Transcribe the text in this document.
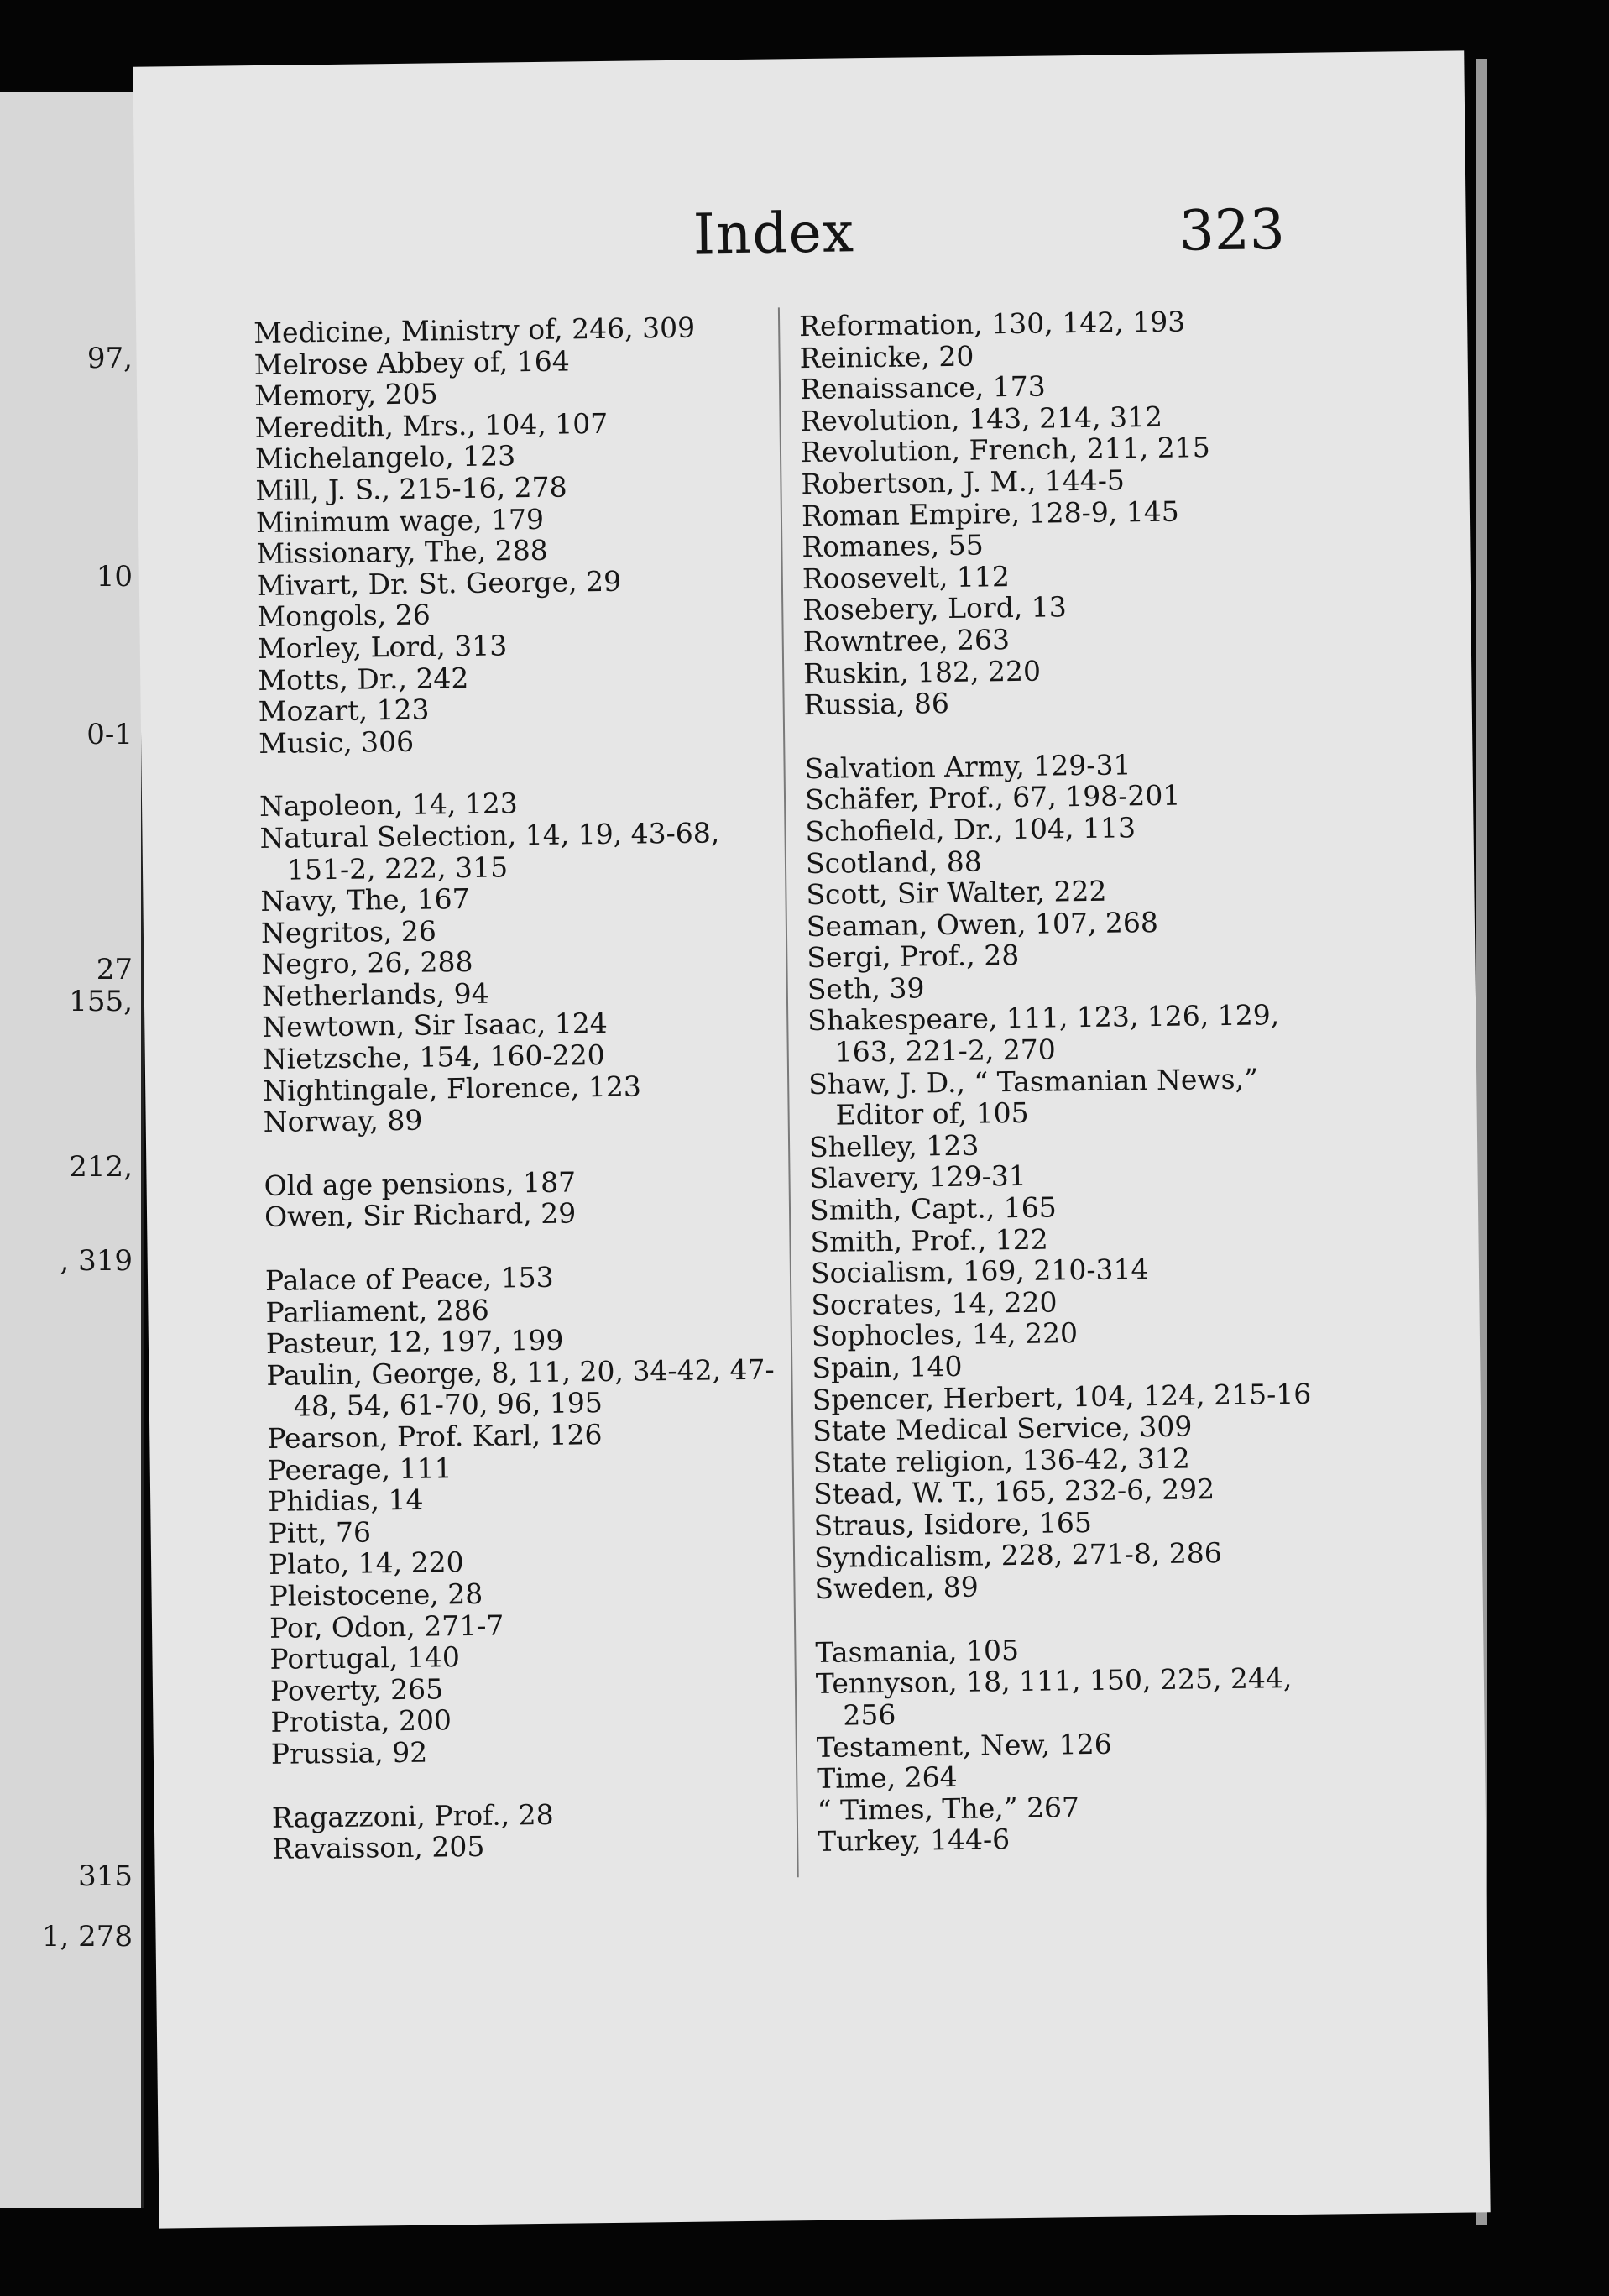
97,
10
0-1
27
155,
212,
, 319
315
1, 278
Index	323

Medicine, Ministry of, 246, 309

Melrose Abbey of, 164

Memory, 205

Meredith, Mrs., 104, 107

Michelangelo, 123

Mill, J. S., 215-16, 278

Minimum wage, 179

Missionary, The, 288

Mivart, Dr. St. George, 29

Mongols, 26

Morley, Lord, 313

Motts, Dr., 242

Mozart, 123

Music, 306

Napoleon, 14, 123

Natural Selection, 14, 19, 43-68, 151-2, 222, 315

Navy, The, 167

Negritos, 26

Negro, 26, 288

Netherlands, 94

Newtown, Sir Isaac, 124

Nietzsche, 154, 160-220

Nightingale, Florence, 123

Norway, 89

Old age pensions, 187

Owen, Sir Richard, 29

Palace of Peace, 153

Parliament, 286

Pasteur, 12, 197, 199

Paulin, George, 8, 11, 20, 34-42, 47-48, 54, 61-70, 96, 195

Pearson, Prof. Karl, 126

Peerage, 111

Phidias, 14

Pitt, 76

Plato, 14, 220

Pleistocene, 28

Por, Odon, 271-7

Portugal, 140

Poverty, 265

Protista, 200

Prussia, 92

Ragazzoni, Prof., 28

Ravaisson, 205

Reformation, 130, 142, 193

Reinicke, 20

Renaissance, 173

Revolution, 143, 214, 312

Revolution, French, 211, 215

Robertson, J. M., 144-5

Roman Empire, 128-9, 145

Romanes, 55

Roosevelt, 112

Rosebery, Lord, 13

Rowntree, 263

Ruskin, 182, 220

Russia, 86

Salvation Army, 129-31

Schäfer, Prof., 67, 198-201

Schofield, Dr., 104, 113

Scotland, 88

Scott, Sir Walter, 222

Seaman, Owen, 107, 268

Sergi, Prof., 28

Seth, 39

Shakespeare, 111, 123, 126, 129, 163, 221-2, 270

Shaw, J. D., “ Tasmanian News,” Editor of, 105

Shelley, 123

Slavery, 129-31

Smith, Capt., 165

Smith, Prof., 122

Socialism, 169, 210-314

Socrates, 14, 220

Sophocles, 14, 220

Spain, 140

Spencer, Herbert, 104, 124, 215-16

State Medical Service, 309

State religion, 136-42, 312

Stead, W. T., 165, 232-6, 292

Straus, Isidore, 165

Syndicalism, 228, 271-8, 286

Sweden, 89

Tasmania, 105

Tennyson, 18, 111, 150, 225, 244, 256

Testament, New, 126

Time, 264

“ Times, The,” 267

Turkey, 144-6
